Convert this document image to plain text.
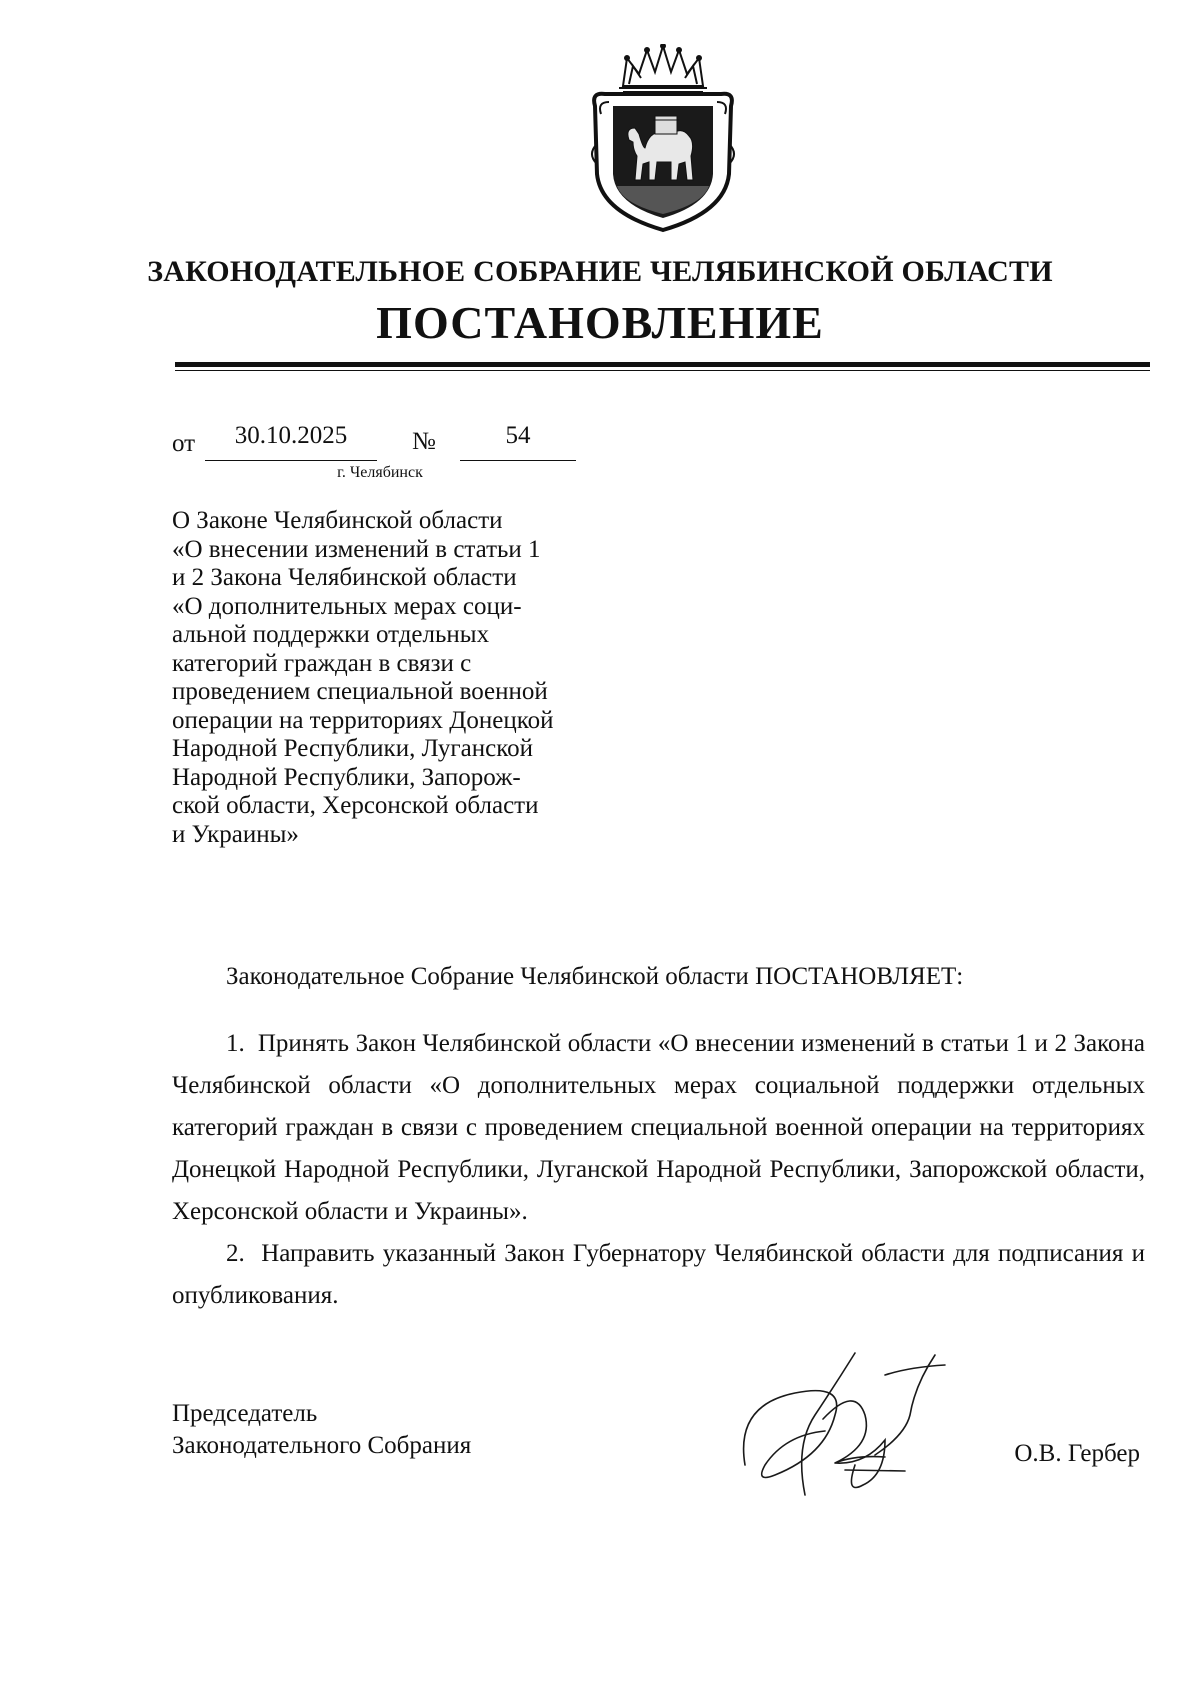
ЗАКОНОДАТЕЛЬНОЕ СОБРАНИЕ ЧЕЛЯБИНСКОЙ ОБЛАСТИ
ПОСТАНОВЛЕНИЕ
от	30.10.2025	№	54
г. Челябинск
О Законе Челябинской области
«О внесении изменений в статьи 1
и 2 Закона Челябинской области
«О дополнительных мерах соци-
альной поддержки отдельных
категорий граждан в связи с
проведением специальной военной
операции на территориях Донецкой
Народной Республики, Луганской
Народной Республики, Запорож-
ской области, Херсонской области
и Украины»
Законодательное Собрание Челябинской области ПОСТАНОВЛЯЕТ:
1. Принять Закон Челябинской области «О внесении изменений в статьи 1 и 2 Закона Челябинской области «О дополнительных мерах социальной поддержки отдельных категорий граждан в связи с проведением специальной военной операции на территориях Донецкой Народной Республики, Луганской Народной Республики, Запорожской области, Херсонской области и Украины».
2. Направить указанный Закон Губернатору Челябинской области для подписания и опубликования.
Председатель
Законодательного Собрания	О.В. Гербер
